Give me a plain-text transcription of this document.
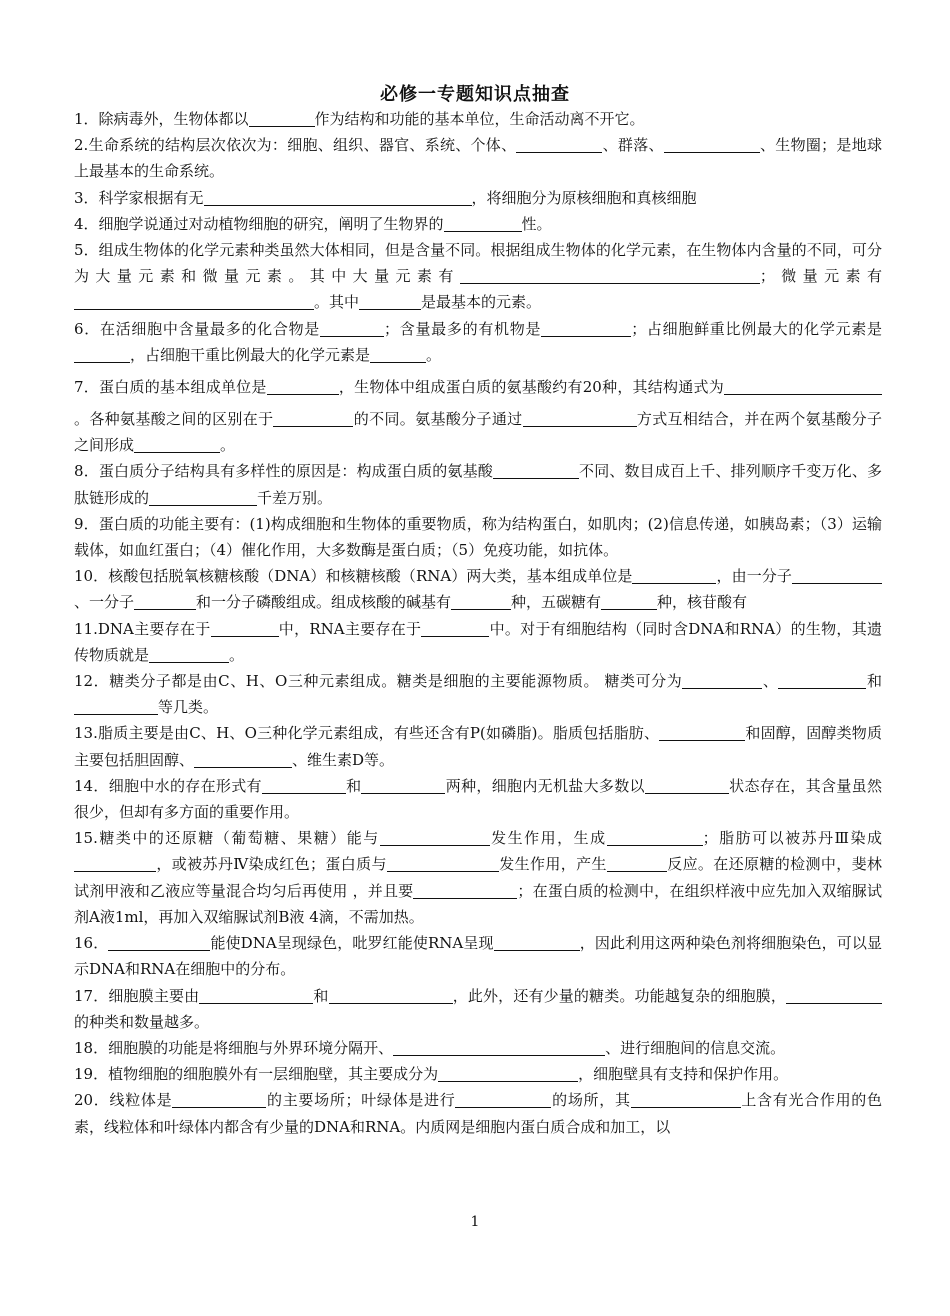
必修一专题知识点抽查

1．除病毒外，生物体都以	作为结构和功能的基本单位，生命活动离不开它。

2.生命系统的结构层次依次为：细胞、组织、器官、系统、个体、	、群落、	、生物圈；是地球上最基本的生命系统。

3．科学家根据有无	，将细胞分为原核细胞和真核细胞

4．细胞学说通过对动植物细胞的研究，阐明了生物界的	性。

5．组成生物体的化学元素种类虽然大体相同，但是含量不同。根据组成生物体的化学元素，在生物体内含量的不同，可分为大量元素和微量元素。其中大量元素有	；微量元素有。其中	是最基本的元素。

6．在活细胞中含量最多的化合物是	；含量最多的有机物是	；占细胞鲜重比例最大的化学元素是，占细胞干重比例最大的化学元素是	。

7．蛋白质的基本组成单位是	，生物体中组成蛋白质的氨基酸约有20种，其结构通式为。各种氨基酸之间的区别在于	的不同。氨基酸分子通过	方式互相结合，并在两个氨基酸分子之间形成	。

8．蛋白质分子结构具有多样性的原因是：构成蛋白质的氨基酸	不同、数目成百上千、排列顺序千变万化、多肽链形成的	千差万别。

9．蛋白质的功能主要有：(1)构成细胞和生物体的重要物质，称为结构蛋白，如肌肉；(2)信息传递，如胰岛素；（3）运输载体，如血红蛋白；（4）催化作用，大多数酶是蛋白质；（5）免疫功能，如抗体。

10．核酸包括脱氧核糖核酸（DNA）和核糖核酸（RNA）两大类，基本组成单位是	，由一分子、一分子	和一分子磷酸组成。组成核酸的碱基有	种，五碳糖有	种，核苷酸有

11.DNA主要存在于	中，RNA主要存在于	中。对于有细胞结构（同时含DNA和RNA）的生物，其遗传物质就是	。

12．糖类分子都是由C、H、O三种元素组成。糖类是细胞的主要能源物质。 糖类可分为	、	和等几类。

13.脂质主要是由C、H、O三种化学元素组成，有些还含有P(如磷脂)。脂质包括脂肪、	和固醇，固醇类物质主要包括胆固醇、	、维生素D等。

14．细胞中水的存在形式有	和	两种，细胞内无机盐大多数以	状态存在，其含量虽然很少，但却有多方面的重要作用。

15.糖类中的还原糖（葡萄糖、果糖）能与	发生作用，生成	；脂肪可以被苏丹Ⅲ染成，或被苏丹Ⅳ染成红色；蛋白质与	发生作用，产生	反应。在还原糖的检测中，斐林试剂甲液和乙液应等量混合均匀后再使用 ，并且要	；在蛋白质的检测中，在组织样液中应先加入双缩脲试剂A液1ml，再加入双缩脲试剂B液 4滴，不需加热。

16．	能使DNA呈现绿色，吡罗红能使RNA呈现	，因此利用这两种染色剂将细胞染色，可以显示DNA和RNA在细胞中的分布。

17．细胞膜主要由	和	，此外，还有少量的糖类。功能越复杂的细胞膜，的种类和数量越多。

18．细胞膜的功能是将细胞与外界环境分隔开、	、进行细胞间的信息交流。

19．植物细胞的细胞膜外有一层细胞壁，其主要成分为	，细胞壁具有支持和保护作用。

20．线粒体是	的主要场所；叶绿体是进行	的场所，其	上含有光合作用的色素，线粒体和叶绿体内都含有少量的DNA和RNA。内质网是细胞内蛋白质合成和加工，以

1
